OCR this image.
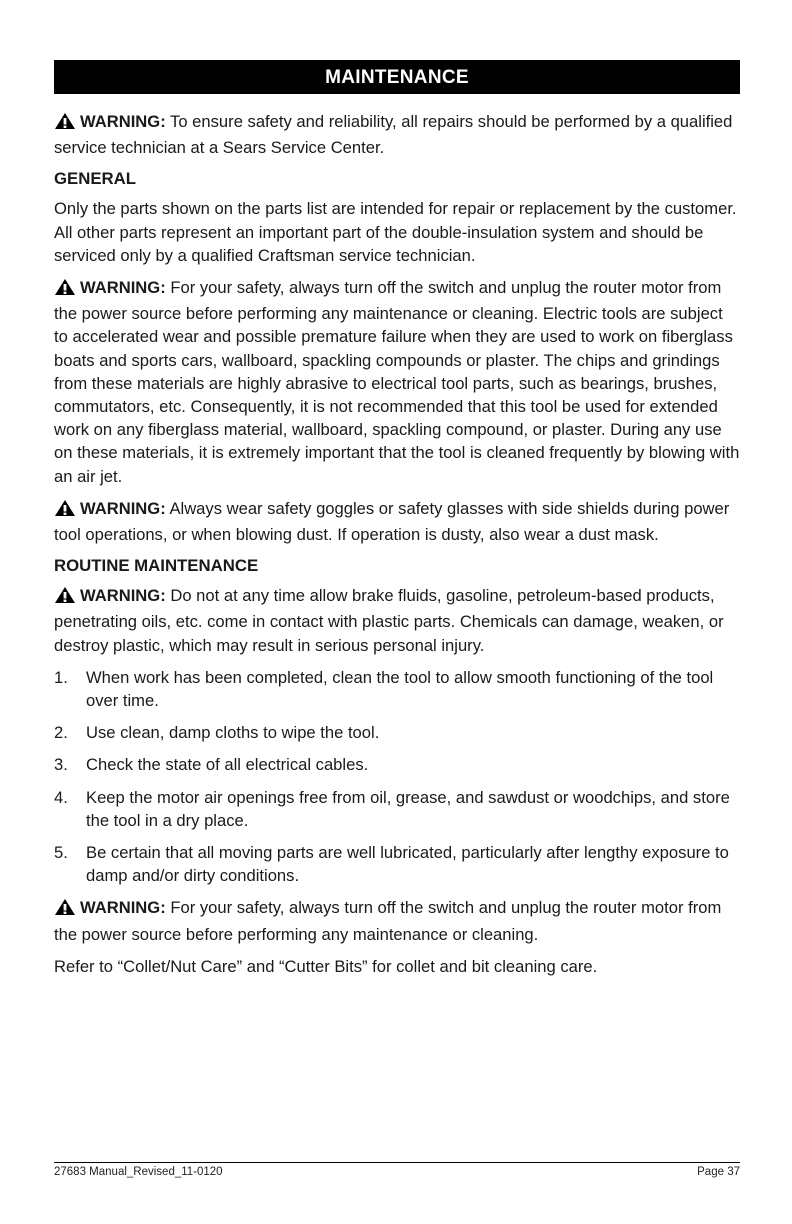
MAINTENANCE

WARNING: To ensure safety and reliability, all repairs should be performed by a qualified service technician at a Sears Service Center.

GENERAL

Only the parts shown on the parts list are intended for repair or replacement by the customer. All other parts represent an important part of the double-insulation system and should be serviced only by a qualified Craftsman service technician.

WARNING: For your safety, always turn off the switch and unplug the router motor from the power source before performing any maintenance or cleaning. Electric tools are subject to accelerated wear and possible premature failure when they are used to work on fiberglass boats and sports cars, wallboard, spackling compounds or plaster. The chips and grindings from these materials are highly abrasive to electrical tool parts, such as bearings, brushes, commutators, etc. Consequently, it is not recommended that this tool be used for extended work on any fiberglass material, wallboard, spackling compound, or plaster. During any use on these materials, it is extremely important that the tool is cleaned frequently by blowing with an air jet.

WARNING: Always wear safety goggles or safety glasses with side shields during power tool operations, or when blowing dust. If operation is dusty, also wear a dust mask.

ROUTINE MAINTENANCE

WARNING: Do not at any time allow brake fluids, gasoline, petroleum-based products, penetrating oils, etc. come in contact with plastic parts. Chemicals can damage, weaken, or destroy plastic, which may result in serious personal injury.

1. When work has been completed, clean the tool to allow smooth functioning of the tool over time.
2. Use clean, damp cloths to wipe the tool.
3. Check the state of all electrical cables.
4. Keep the motor air openings free from oil, grease, and sawdust or woodchips, and store the tool in a dry place.
5. Be certain that all moving parts are well lubricated, particularly after lengthy exposure to damp and/or dirty conditions.

WARNING: For your safety, always turn off the switch and unplug the router motor from the power source before performing any maintenance or cleaning.

Refer to “Collet/Nut Care” and “Cutter Bits” for collet and bit cleaning care.

27683 Manual_Revised_11-0120	Page 37
